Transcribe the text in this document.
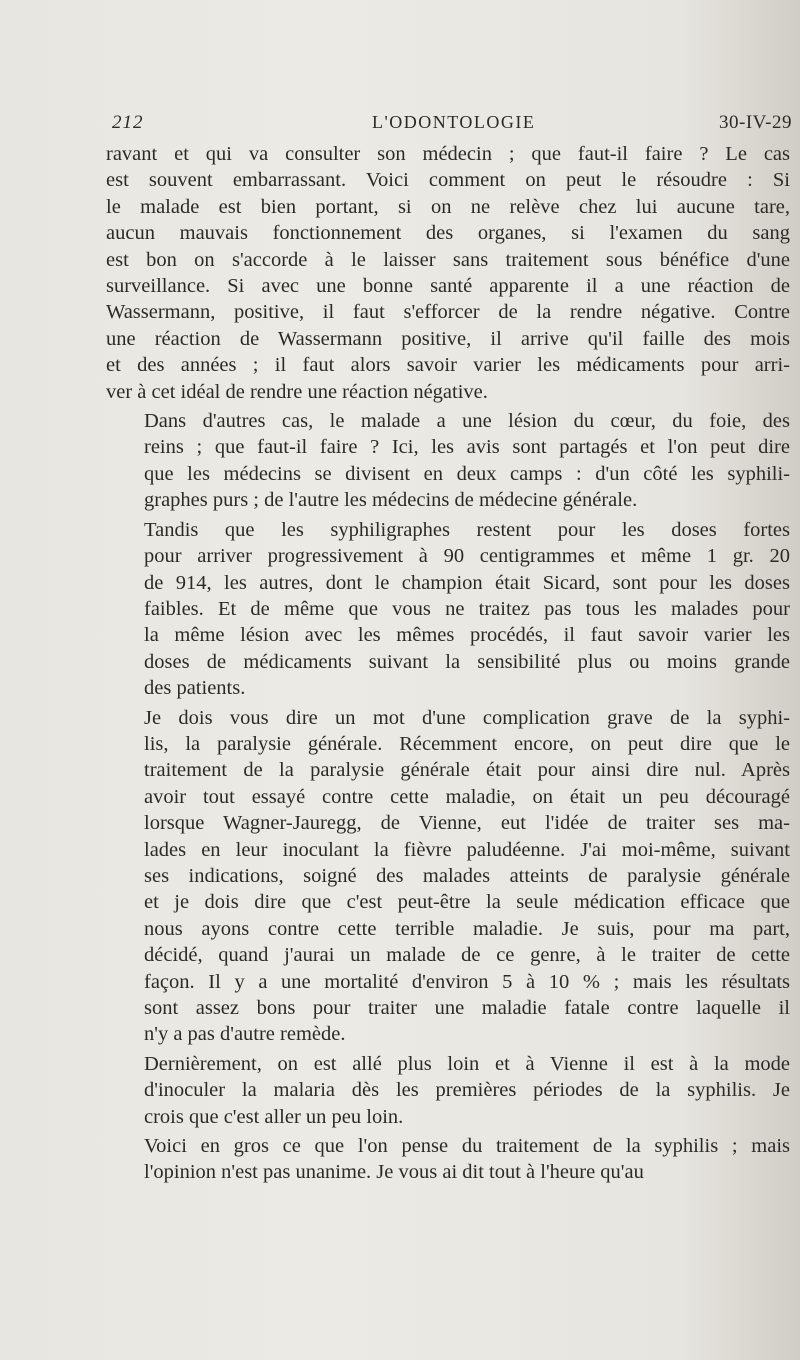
212	L'ODONTOLOGIE	30-IV-29
ravant et qui va consulter son médecin ; que faut-il faire ? Le cas
est souvent embarrassant. Voici comment on peut le résoudre : Si
le malade est bien portant, si on ne relève chez lui aucune tare,
aucun mauvais fonctionnement des organes, si l'examen du sang
est bon on s'accorde à le laisser sans traitement sous bénéfice d'une
surveillance. Si avec une bonne santé apparente il a une réaction de
Wassermann, positive, il faut s'efforcer de la rendre négative. Contre
une réaction de Wassermann positive, il arrive qu'il faille des mois
et des années ; il faut alors savoir varier les médicaments pour arri-
ver à cet idéal de rendre une réaction négative.
Dans d'autres cas, le malade a une lésion du cœur, du foie, des
reins ; que faut-il faire ? Ici, les avis sont partagés et l'on peut dire
que les médecins se divisent en deux camps : d'un côté les syphili-
graphes purs ; de l'autre les médecins de médecine générale.
Tandis que les syphiligraphes restent pour les doses fortes
pour arriver progressivement à 90 centigrammes et même 1 gr. 20
de 914, les autres, dont le champion était Sicard, sont pour les doses
faibles. Et de même que vous ne traitez pas tous les malades pour
la même lésion avec les mêmes procédés, il faut savoir varier les
doses de médicaments suivant la sensibilité plus ou moins grande
des patients.
Je dois vous dire un mot d'une complication grave de la syphi-
lis, la paralysie générale. Récemment encore, on peut dire que le
traitement de la paralysie générale était pour ainsi dire nul. Après
avoir tout essayé contre cette maladie, on était un peu découragé
lorsque Wagner-Jauregg, de Vienne, eut l'idée de traiter ses ma-
lades en leur inoculant la fièvre paludéenne. J'ai moi-même, suivant
ses indications, soigné des malades atteints de paralysie générale
et je dois dire que c'est peut-être la seule médication efficace que
nous ayons contre cette terrible maladie. Je suis, pour ma part,
décidé, quand j'aurai un malade de ce genre, à le traiter de cette
façon. Il y a une mortalité d'environ 5 à 10 % ; mais les résultats
sont assez bons pour traiter une maladie fatale contre laquelle il
n'y a pas d'autre remède.
Dernièrement, on est allé plus loin et à Vienne il est à la mode
d'inoculer la malaria dès les premières périodes de la syphilis. Je
crois que c'est aller un peu loin.
Voici en gros ce que l'on pense du traitement de la syphilis ; mais
l'opinion n'est pas unanime. Je vous ai dit tout à l'heure qu'au
